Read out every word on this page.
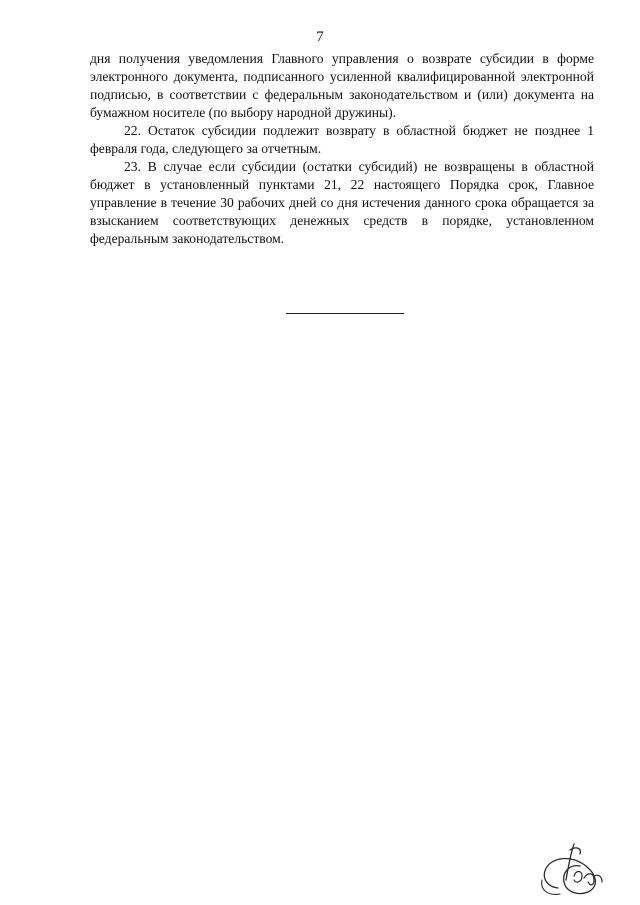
7

дня получения уведомления Главного управления о возврате субсидии в форме электронного документа, подписанного усиленной квалифицированной электронной подписью, в соответствии с федеральным законодательством и (или) документа на бумажном носителе (по выбору народной дружины).

22. Остаток субсидии подлежит возврату в областной бюджет не позднее 1 февраля года, следующего за отчетным.

23. В случае если субсидии (остатки субсидий) не возвращены в областной бюджет в установленный пунктами 21, 22 настоящего Порядка срок, Главное управление в течение 30 рабочих дней со дня истечения данного срока обращается за взысканием соответствующих денежных средств в порядке, установленном федеральным законодательством.
